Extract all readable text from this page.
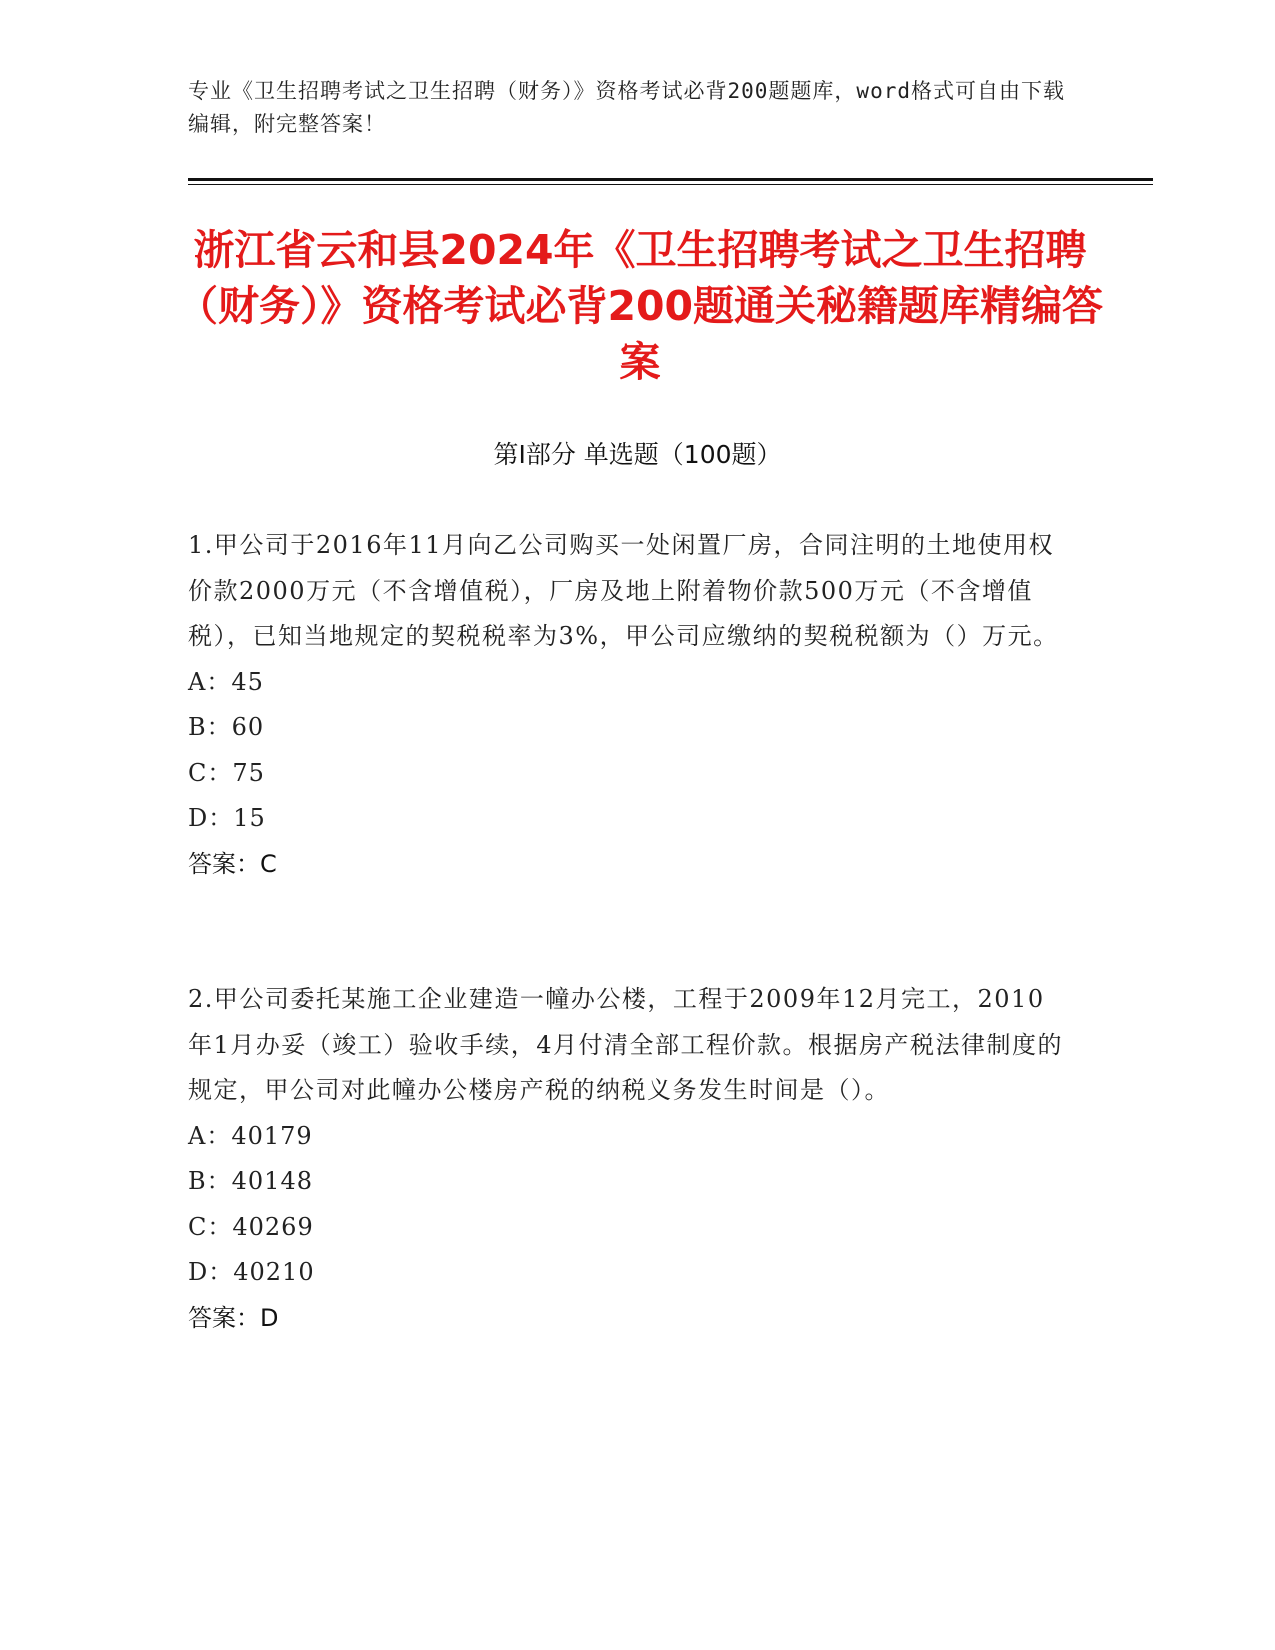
专业《卫生招聘考试之卫生招聘（财务）》资格考试必背200题题库，word格式可自由下载编辑，附完整答案！
浙江省云和县2024年《卫生招聘考试之卫生招聘（财务）》资格考试必背200题通关秘籍题库精编答案
第Ⅰ部分 单选题（100题）

1.甲公司于2016年11月向乙公司购买一处闲置厂房，合同注明的土地使用权价款2000万元（不含增值税），厂房及地上附着物价款500万元（不含增值税），已知当地规定的契税税率为3%，甲公司应缴纳的契税税额为（）万元。

A：45

B：60

C：75

D：15

答案：C

2.甲公司委托某施工企业建造一幢办公楼，工程于2009年12月完工，2010年1月办妥（竣工）验收手续，4月付清全部工程价款。根据房产税法律制度的规定，甲公司对此幢办公楼房产税的纳税义务发生时间是（）。

A：40179

B：40148

C：40269

D：40210

答案：D
